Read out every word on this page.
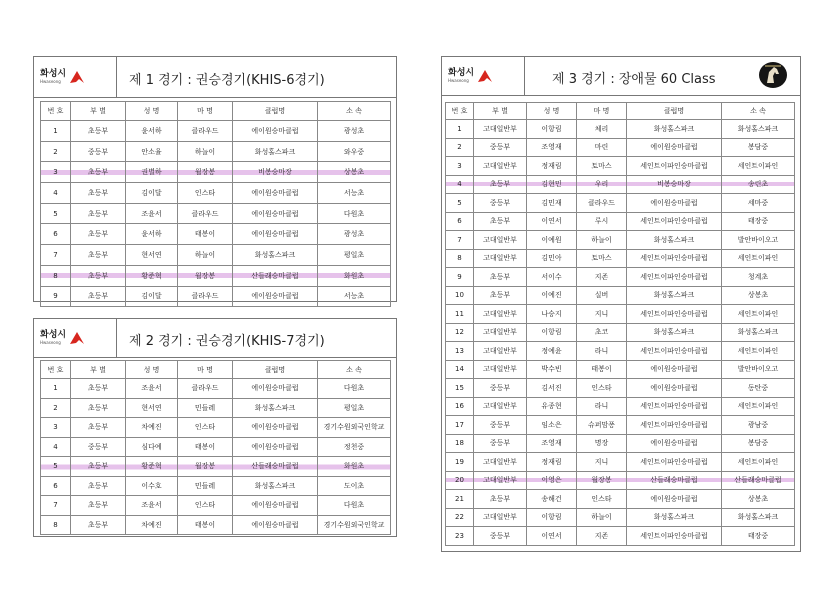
화성시
Hwaseong	제 1 경기 : 권승경기(KHIS-6경기)
번 호	부 별	성 명	마 명	클럽명	소 속
1	초등부	윤서하	클라우드	에이원승마클럽	광성초
2	중등부	안소율	하늘이	화성홀스파크	와우중
3	초등부	권별하	월장봉	비봉승마장	상봉초
4	초등부	김이달	인스타	에이원승마클럽	서능초
5	초등부	조윤서	클라우드	에이원승마클럽	다원초
6	초등부	윤서하	태봉이	에이원승마클럽	광성초
7	초등부	현서연	하늘이	화성홀스파크	평일초
8	초등부	황준혁	월장봉	산들래승마클럽	화원초
9	초등부	김이달	클라우드	에이원승마클럽	서능초
화성시
Hwaseong	제 2 경기 : 권승경기(KHIS-7경기)
번 호	부 별	성 명	마 명	클럽명	소 속
1	초등부	조윤서	클라우드	에이원승마클럽	다원초
2	초등부	현서연	민들레	화성홀스파크	평일초
3	초등부	차예진	인스타	에이원승마클럽	경기수원외국인학교
4	중등부	심다예	태봉이	에이원승마클럽	정천중
5	초등부	황준혁	월장봉	산들래승마클럽	화원초
6	초등부	이수호	민들레	화성홀스파크	도이초
7	초등부	조윤서	인스타	에이원승마클럽	다원초
8	초등부	차예진	태봉이	에이원승마클럽	경기수원외국인학교
화성시
Hwaseong	제 3 경기 : 장애물 60 Class
번 호	부 별	성 명	마 명	클럽명	소 속
1	고대일반부	이항림	체리	화성홀스파크	화성홀스파크
2	중등부	조영재	마린	에이원승마클럽	봉담중
3	고대일반부	정재림	토마스	세인트이파인승마클럽	세인트이파인
4	초등부	김현민	우리	비봉승마장	송린초
5	중등부	김민재	클라우드	에이원승마클럽	세마중
6	초등부	이연서	루시	세인트이파인승마클럽	태장중
7	고대일반부	이예원	하늘이	화성홀스파크	발안바이오고
8	고대일반부	김민아	토마스	세인트이파인승마클럽	세인트이파인
9	초등부	서이수	지존	세인트이파인승마클럽	청계초
10	초등부	이예진	실버	화성홀스파크	상봉초
11	고대일반부	나승지	지니	세인트이파인승마클럽	세인트이파인
12	고대일반부	이항림	초코	화성홀스파크	화성홀스파크
13	고대일반부	정예윤	라니	세인트이파인승마클럽	세인트이파인
14	고대일반부	박수빈	태봉이	에이원승마클럽	발안바이오고
15	중등부	김서진	인스타	에이원승마클럽	동탄중
16	고대일반부	유종현	라니	세인트이파인승마클럽	세인트이파인
17	중등부	임소은	슈퍼맘퐁	세인트이파인승마클럽	광남중
18	중등부	조영재	명장	에이원승마클럽	봉담중
19	고대일반부	정재림	지니	세인트이파인승마클럽	세인트이파인
20	고대일반부	이영은	월장봉	산들래승마클럽	산들래승마클럽
21	초등부	송해건	인스타	에이원승마클럽	상봉초
22	고대일반부	이항림	하늘이	화성홀스파크	화성홀스파크
23	중등부	이연서	지존	세인트이파인승마클럽	태장중
